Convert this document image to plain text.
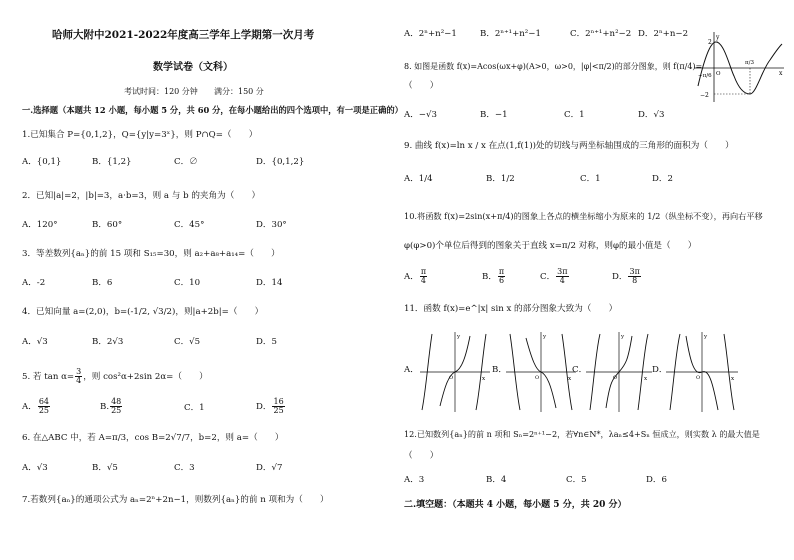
哈师大附中2021-2022年度高三学年上学期第一次月考
数学试卷（文科）
考试时间：120 分钟 满分：150 分
一.选择题（本题共 12 小题，每小题 5 分，共 60 分，在每小题给出的四个选项中，有一项是正确的）
1.已知集合 P={0,1,2}，Q={y|y=3ˣ}，则 P∩Q=（　　）
A．{0,1}	B．{1,2}	C．∅	D．{0,1,2}
2．已知|a|=2，|b|=3，a·b=3，则 a 与 b 的夹角为（　　）
A．120°	B．60°	C．45°	D．30°
3．等差数列{aₙ}的前 15 项和 S₁₅=30，则 a₂+a₈+a₁₄=（　　）
A．-2	B．6	C．10	D．14
4．已知向量 a=(2,0)，b=(-1/2, √3/2)，则|a+2b|=（　　）
A．√3	B．2√3	C．√5	D．5
5. 若 $\tan \alpha= \frac{3}{4}$ ，则 cos²α+2sin 2α=（　　）
A． $\frac{64}{25}$	B. $\frac{48}{25}$	C．1	D． $\frac{16}{25}$
6. 在△ABC 中，若 A=π/3，cos B=2√7/7，b=2，则 a=（　　）
A．√3	B．√5	C．3	D．√7
7.若数列{aₙ}的通项公式为 aₙ=2ⁿ+2n−1，则数列{aₙ}的前 n 项和为（　　）
A．2ⁿ+n²−1	B．2ⁿ⁺¹+n²−1	C．2ⁿ⁺¹+n²−2 D．2ⁿ+n−2
8. 如图是函数 f(x)=Acos(ωx+φ)(A>0，ω>0，|φ|<π/2)的部分图象，则 f(π/4)=
（　　）
A．−√3	B．−1	C．1	D．√3
y
2
−2
−π/6
π/3
O	x
9. 曲线 f(x)=ln x / x 在点(1,f(1))处的切线与两坐标轴围成的三角形的面积为（　　）
A．1/4	B．1/2	C．1	D．2
10.将函数 f(x)=2sin(x+π/4)的图象上各点的横坐标缩小为原来的 1/2（纵坐标不变），再向右平移
φ(φ>0)个单位后得到的图象关于直线 x=π/2 对称，则φ的最小值是（　　）
A． $\frac{\pi}{4}$	B． $\frac{\pi}{6}$	C． $\frac{3\pi}{4}$	D． $\frac{3\pi}{8}$
11．函数 f(x)=e^|x| sin x 的部分图象大致为（　　）
A．
x
y
O
B．
x
y
O
C．
x
y
O
D．
x
y
O
12.已知数列{aₙ}的前 n 项和 Sₙ=2ⁿ⁺¹−2，若∀n∈N*，λaₙ≤4+Sₙ 恒成立，则实数 λ 的最大值是
（　　）
A．3	B．4	C．5	D．6
二.填空题：（本题共 4 小题，每小题 5 分，共 20 分）
